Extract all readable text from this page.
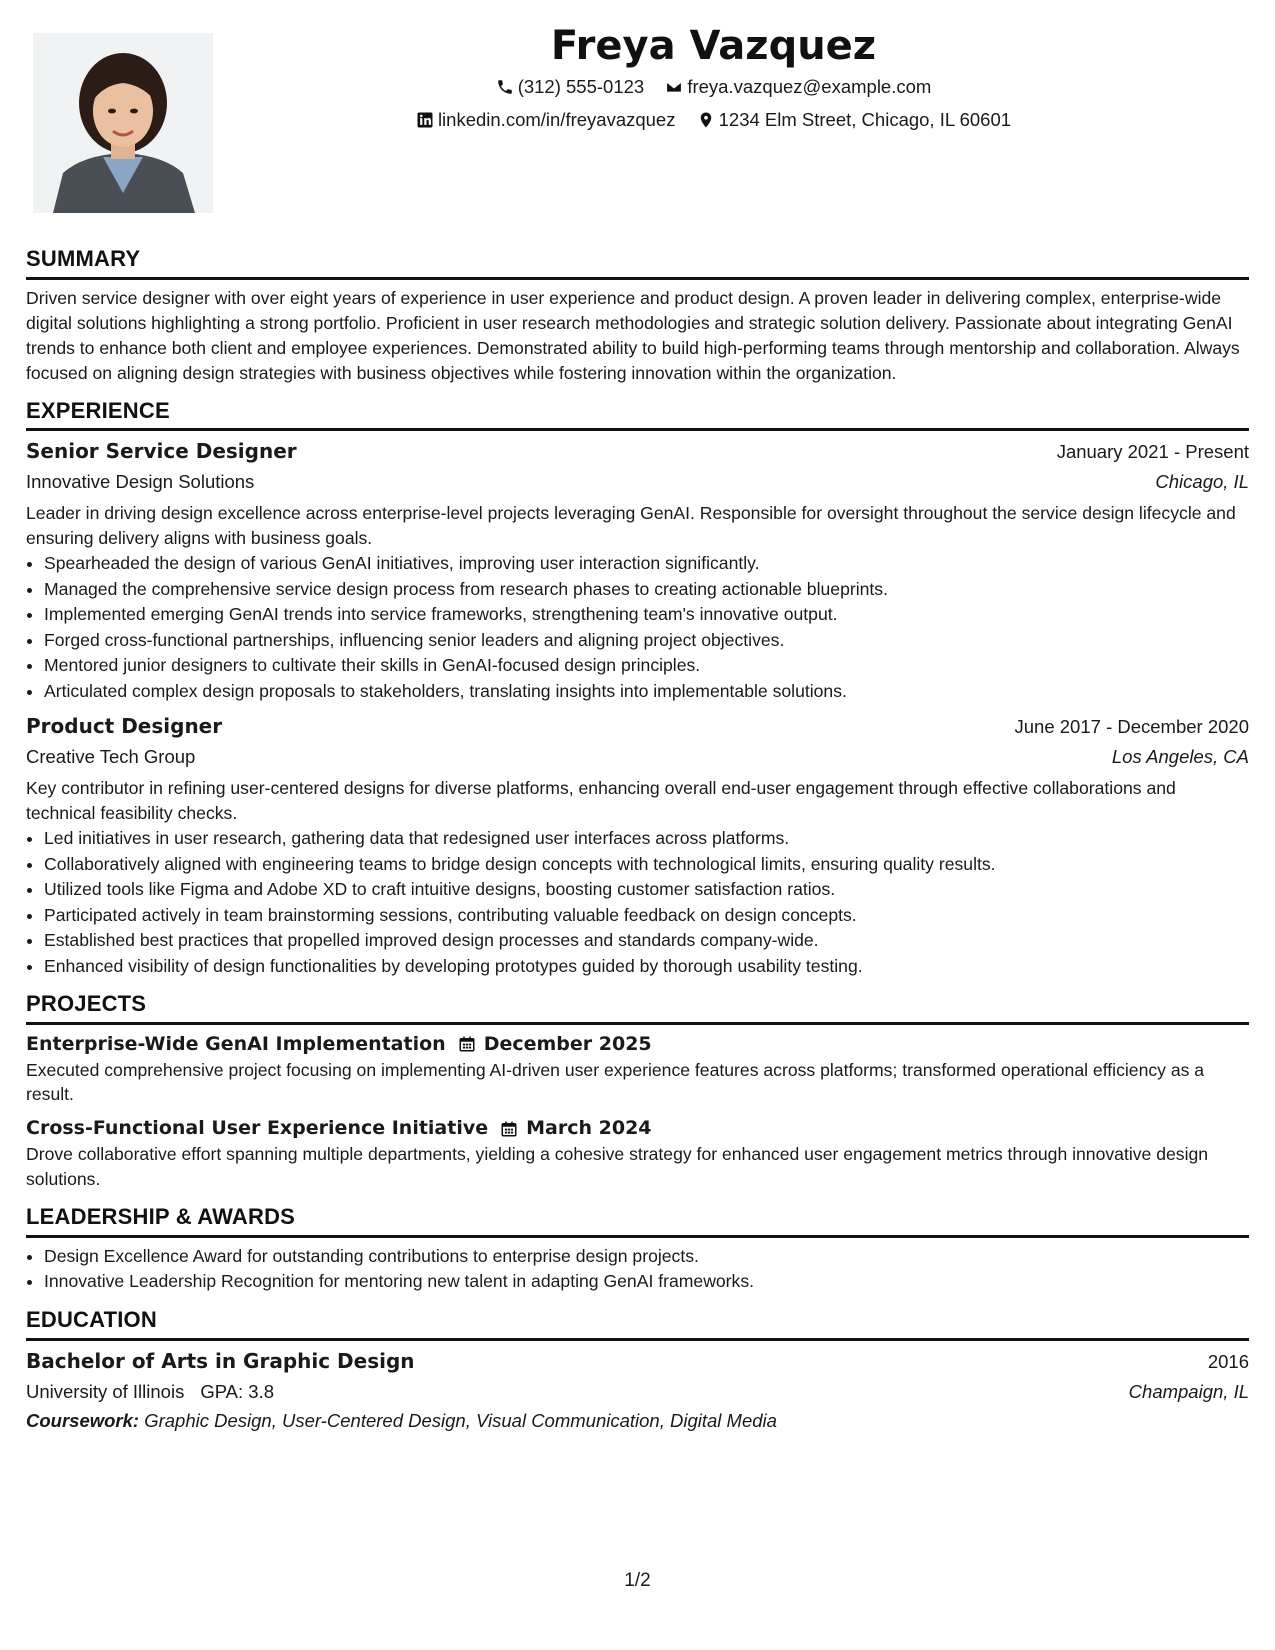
Freya Vazquez
(312) 555-0123
freya.vazquez@example.com
linkedin.com/in/freyavazquez
1234 Elm Street, Chicago, IL 60601
SUMMARY

Driven service designer with over eight years of experience in user experience and product design. A proven leader in delivering complex, enterprise-wide digital solutions highlighting a strong portfolio. Proficient in user research methodologies and strategic solution delivery. Passionate about integrating GenAI trends to enhance both client and employee experiences. Demonstrated ability to build high-performing teams through mentorship and collaboration. Always focused on aligning design strategies with business objectives while fostering innovation within the organization.

EXPERIENCE
Senior Service Designer	January 2021 - Present
Innovative Design Solutions	Chicago, IL

Leader in driving design excellence across enterprise-level projects leveraging GenAI. Responsible for oversight throughout the service design lifecycle and ensuring delivery aligns with business goals.

• Spearheaded the design of various GenAI initiatives, improving user interaction significantly.
• Managed the comprehensive service design process from research phases to creating actionable blueprints.
• Implemented emerging GenAI trends into service frameworks, strengthening team's innovative output.
• Forged cross-functional partnerships, influencing senior leaders and aligning project objectives.
• Mentored junior designers to cultivate their skills in GenAI-focused design principles.
• Articulated complex design proposals to stakeholders, translating insights into implementable solutions.
Product Designer	June 2017 - December 2020
Creative Tech Group	Los Angeles, CA

Key contributor in refining user-centered designs for diverse platforms, enhancing overall end-user engagement through effective collaborations and technical feasibility checks.

• Led initiatives in user research, gathering data that redesigned user interfaces across platforms.
• Collaboratively aligned with engineering teams to bridge design concepts with technological limits, ensuring quality results.
• Utilized tools like Figma and Adobe XD to craft intuitive designs, boosting customer satisfaction ratios.
• Participated actively in team brainstorming sessions, contributing valuable feedback on design concepts.
• Established best practices that propelled improved design processes and standards company-wide.
• Enhanced visibility of design functionalities by developing prototypes guided by thorough usability testing.
PROJECTS
Enterprise-Wide GenAI Implementation December 2025

Executed comprehensive project focusing on implementing AI-driven user experience features across platforms; transformed operational efficiency as a result.

Cross-Functional User Experience Initiative March 2024

Drove collaborative effort spanning multiple departments, yielding a cohesive strategy for enhanced user engagement metrics through innovative design solutions.

LEADERSHIP & AWARDS
• Design Excellence Award for outstanding contributions to enterprise design projects.
• Innovative Leadership Recognition for mentoring new talent in adapting GenAI frameworks.
EDUCATION
Bachelor of Arts in Graphic Design	2016
University of Illinois GPA: 3.8	Champaign, IL
Coursework: Graphic Design, User-Centered Design, Visual Communication, Digital Media
1/2
